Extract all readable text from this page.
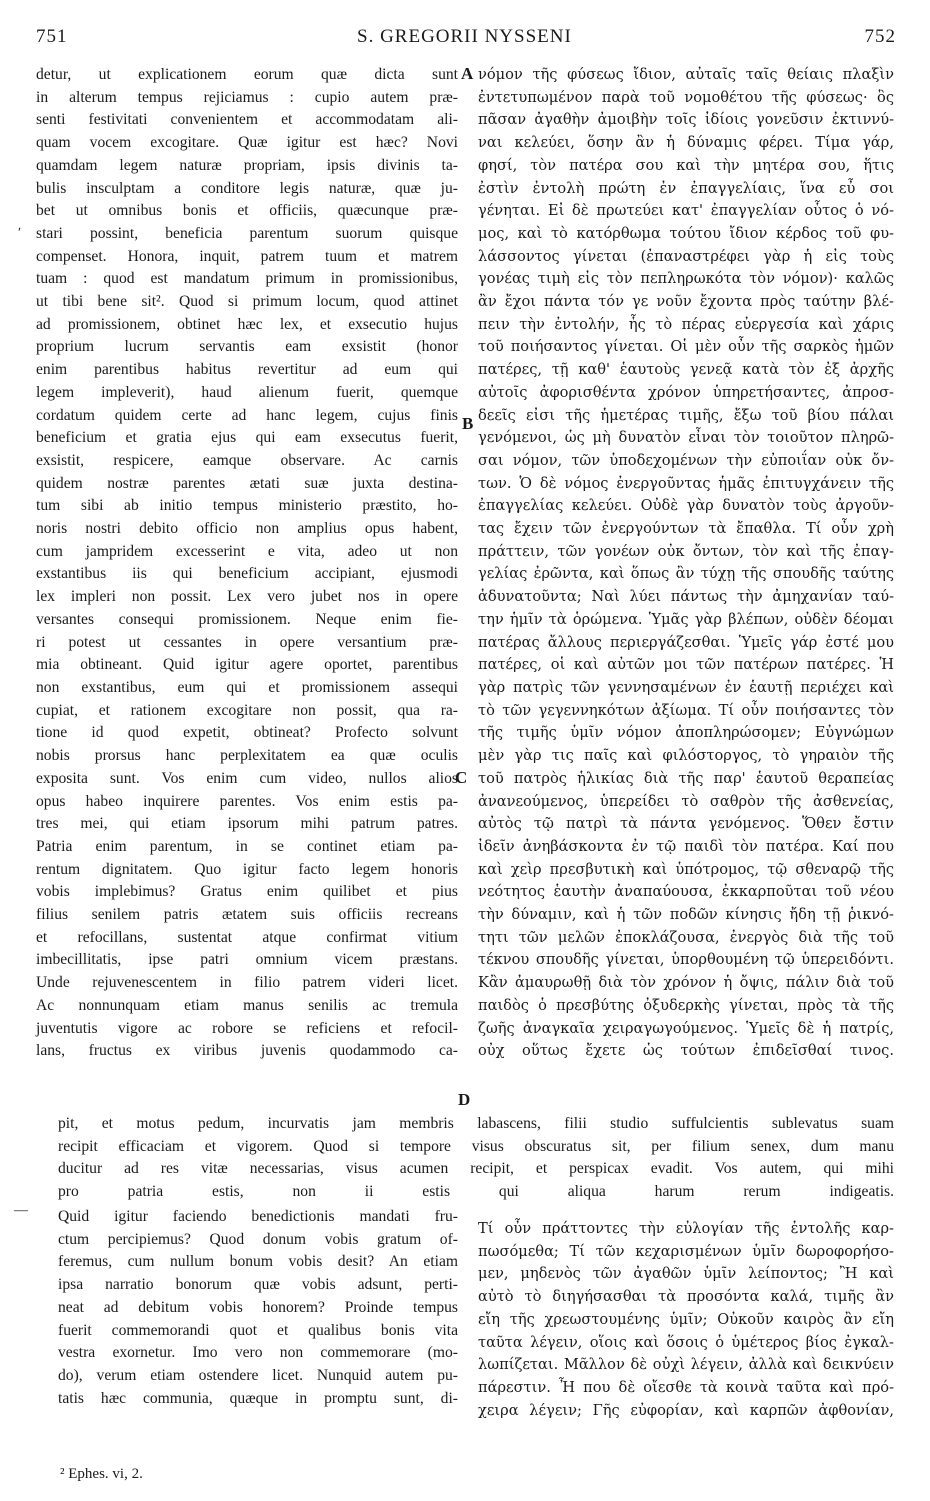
751	S. GREGORII NYSSENI	752
detur, ut explicationem eorum quæ dicta sunt
in alterum tempus rejiciamus : cupio autem præ-
senti festivitati convenientem et accommodatam ali-
quam vocem excogitare. Quæ igitur est hæc? Novi
quamdam legem naturæ propriam, ipsis divinis ta-
bulis insculptam a conditore legis naturæ, quæ ju-
bet ut omnibus bonis et officiis, quæcunque præ-
stari possint, beneficia parentum suorum quisque
compenset. Honora, inquit, patrem tuum et matrem
tuam : quod est mandatum primum in promissionibus,
ut tibi bene sit². Quod si primum locum, quod attinet
ad promissionem, obtinet hæc lex, et exsecutio hujus
proprium lucrum servantis eam exsistit (honor
enim parentibus habitus revertitur ad eum qui
legem impleverit), haud alienum fuerit, quemque
cordatum quidem certe ad hanc legem, cujus finis
beneficium et gratia ejus qui eam exsecutus fuerit,
exsistit, respicere, eamque observare. Ac carnis
quidem nostræ parentes ætati suæ juxta destina-
tum sibi ab initio tempus ministerio præstito, ho-
noris nostri debito officio non amplius opus habent,
cum jampridem excesserint e vita, adeo ut non
exstantibus iis qui beneficium accipiant, ejusmodi
lex impleri non possit. Lex vero jubet nos in opere
versantes consequi promissionem. Neque enim fie-
ri potest ut cessantes in opere versantium præ-
mia obtineant. Quid igitur agere oportet, parentibus
non exstantibus, eum qui et promissionem assequi
cupiat, et rationem excogitare non possit, qua ra-
tione id quod expetit, obtineat? Profecto solvunt
nobis prorsus hanc perplexitatem ea quæ oculis
exposita sunt. Vos enim cum video, nullos alios
opus habeo inquirere parentes. Vos enim estis pa-
tres mei, qui etiam ipsorum mihi patrum patres.
Patria enim parentum, in se continet etiam pa-
rentum dignitatem. Quo igitur facto legem honoris
vobis implebimus? Gratus enim quilibet et pius
filius senilem patris ætatem suis officiis recreans
et refocillans, sustentat atque confirmat vitium
imbecillitatis, ipse patri omnium vicem præstans.
Unde rejuvenescentem in filio patrem videri licet.
Ac nonnunquam etiam manus senilis ac tremula
juventutis vigore ac robore se reficiens et refocil-
lans, fructus ex viribus juvenis quodammodo ca-
νόμον τῆς φύσεως ἴδιον, αὐταῖς ταῖς θείαις πλαξὶν
ἐντετυπωμένον παρὰ τοῦ νομοθέτου τῆς φύσεως· ὃς
πᾶσαν ἀγαθὴν ἀμοιβὴν τοῖς ἰδίοις γονεῦσιν ἐκτιννύ-
ναι κελεύει, ὅσην ἂν ἡ δύναμις φέρει. Τίμα γάρ,
φησί, τὸν πατέρα σου καὶ τὴν μητέρα σου, ἥτις
ἐστὶν ἐντολὴ πρώτη ἐν ἐπαγγελίαις, ἵνα εὖ σοι
γένηται. Εἰ δὲ πρωτεύει κατ' ἐπαγγελίαν οὗτος ὁ νό-
μος, καὶ τὸ κατόρθωμα τούτου ἴδιον κέρδος τοῦ φυ-
λάσσοντος γίνεται (ἐπαναστρέφει γὰρ ἡ εἰς τοὺς
γονέας τιμὴ εἰς τὸν πεπληρωκότα τὸν νόμον)· καλῶς
ἂν ἔχοι πάντα τόν γε νοῦν ἔχοντα πρὸς ταύτην βλέ-
πειν τὴν ἐντολήν, ἧς τὸ πέρας εὐεργεσία καὶ χάρις
τοῦ ποιήσαντος γίνεται. Οἱ μὲν οὖν τῆς σαρκὸς ἡμῶν
πατέρες, τῇ καθ' ἑαυτοὺς γενεᾷ κατὰ τὸν ἐξ ἀρχῆς
αὐτοῖς ἀφορισθέντα χρόνον ὑπηρετήσαντες, ἀπροσ-
δεεῖς εἰσι τῆς ἡμετέρας τιμῆς, ἔξω τοῦ βίου πάλαι
γενόμενοι, ὡς μὴ δυνατὸν εἶναι τὸν τοιοῦτον πληρῶ-
σαι νόμον, τῶν ὑποδεχομένων τὴν εὐποιΐαν οὐκ ὄν-
των. Ὁ δὲ νόμος ἐνεργοῦντας ἡμᾶς ἐπιτυγχάνειν τῆς
ἐπαγγελίας κελεύει. Οὐδὲ γὰρ δυνατὸν τοὺς ἀργοῦν-
τας ἔχειν τῶν ἐνεργούντων τὰ ἔπαθλα. Τί οὖν χρὴ
πράττειν, τῶν γονέων οὐκ ὄντων, τὸν καὶ τῆς ἐπαγ-
γελίας ἐρῶντα, καὶ ὅπως ἂν τύχῃ τῆς σπουδῆς ταύτης
ἀδυνατοῦντα; Ναὶ λύει πάντως τὴν ἀμηχανίαν ταύ-
την ἡμῖν τὰ ὁρώμενα. Ὑμᾶς γὰρ βλέπων, οὐδὲν δέομαι
πατέρας ἄλλους περιεργάζεσθαι. Ὑμεῖς γάρ ἐστέ μου
πατέρες, οἱ καὶ αὐτῶν μοι τῶν πατέρων πατέρες. Ἡ
γὰρ πατρὶς τῶν γεννησαμένων ἐν ἑαυτῇ περιέχει καὶ
τὸ τῶν γεγεννηκότων ἀξίωμα. Τί οὖν ποιήσαντες τὸν
τῆς τιμῆς ὑμῖν νόμον ἀποπληρώσομεν; Εὐγνώμων
μὲν γὰρ τις παῖς καὶ φιλόστοργος, τὸ γηραιὸν τῆς
τοῦ πατρὸς ἡλικίας διὰ τῆς παρ' ἑαυτοῦ θεραπείας
ἀνανεούμενος, ὑπερείδει τὸ σαθρὸν τῆς ἀσθενείας,
αὐτὸς τῷ πατρὶ τὰ πάντα γενόμενος. Ὅθεν ἔστιν
ἰδεῖν ἀνηβάσκοντα ἐν τῷ παιδὶ τὸν πατέρα. Καί που
καὶ χεὶρ πρεσβυτικὴ καὶ ὑπότρομος, τῷ σθεναρῷ τῆς
νεότητος ἑαυτὴν ἀναπαύουσα, ἐκκαρποῦται τοῦ νέου
τὴν δύναμιν, καὶ ἡ τῶν ποδῶν κίνησις ἤδη τῇ ῥικνό-
τητι τῶν μελῶν ἐποκλάζουσα, ἐνεργὸς διὰ τῆς τοῦ
τέκνου σπουδῆς γίνεται, ὑπορθουμένη τῷ ὑπερειδόντι.
Κἂν ἀμαυρωθῇ διὰ τὸν χρόνον ἡ ὄψις, πάλιν διὰ τοῦ
παιδὸς ὁ πρεσβύτης ὀξυδερκὴς γίνεται, πρὸς τὰ τῆς
ζωῆς ἀναγκαῖα χειραγωγούμενος. Ὑμεῖς δὲ ἡ πατρίς,
οὐχ οὕτως ἔχετε ὡς τούτων ἐπιδεῖσθαί τινος.
A
B
C
D
pit, et motus pedum, incurvatis jam membris labascens, filii studio suffulcientis sublevatus suam
recipit efficaciam et vigorem. Quod si tempore visus obscuratus sit, per filium senex, dum manu
ducitur ad res vitæ necessarias, visus acumen recipit, et perspicax evadit. Vos autem, qui mihi
pro patria estis, non ii estis qui aliqua harum rerum indigeatis.
Quid igitur faciendo benedictionis mandati fru-
ctum percipiemus? Quod donum vobis gratum of-
feremus, cum nullum bonum vobis desit? An etiam
ipsa narratio bonorum quæ vobis adsunt, perti-
neat ad debitum vobis honorem? Proinde tempus
fuerit commemorandi quot et qualibus bonis vita
vestra exornetur. Imo vero non commemorare (mo-
do), verum etiam ostendere licet. Nunquid autem pu-
tatis hæc communia, quæque in promptu sunt, di-
Τί οὖν πράττοντες τὴν εὐλογίαν τῆς ἐντολῆς καρ-
πωσόμεθα; Τί τῶν κεχαρισμένων ὑμῖν δωροφορήσο-
μεν, μηδενὸς τῶν ἀγαθῶν ὑμῖν λείποντος; Ἢ καὶ
αὐτὸ τὸ διηγήσασθαι τὰ προσόντα καλά, τιμῆς ἂν
εἴη τῆς χρεωστουμένης ὑμῖν; Οὐκοῦν καιρὸς ἂν εἴη
ταῦτα λέγειν, οἵοις καὶ ὅσοις ὁ ὑμέτερος βίος ἐγκαλ-
λωπίζεται. Μᾶλλον δὲ οὐχὶ λέγειν, ἀλλὰ καὶ δεικνύειν
πάρεστιν. Ἦ που δὲ οἴεσθε τὰ κοινὰ ταῦτα καὶ πρό-
χειρα λέγειν; Γῆς εὐφορίαν, καὶ καρπῶν ἀφθονίαν,
ʹ
—
² Ephes. vi, 2.
